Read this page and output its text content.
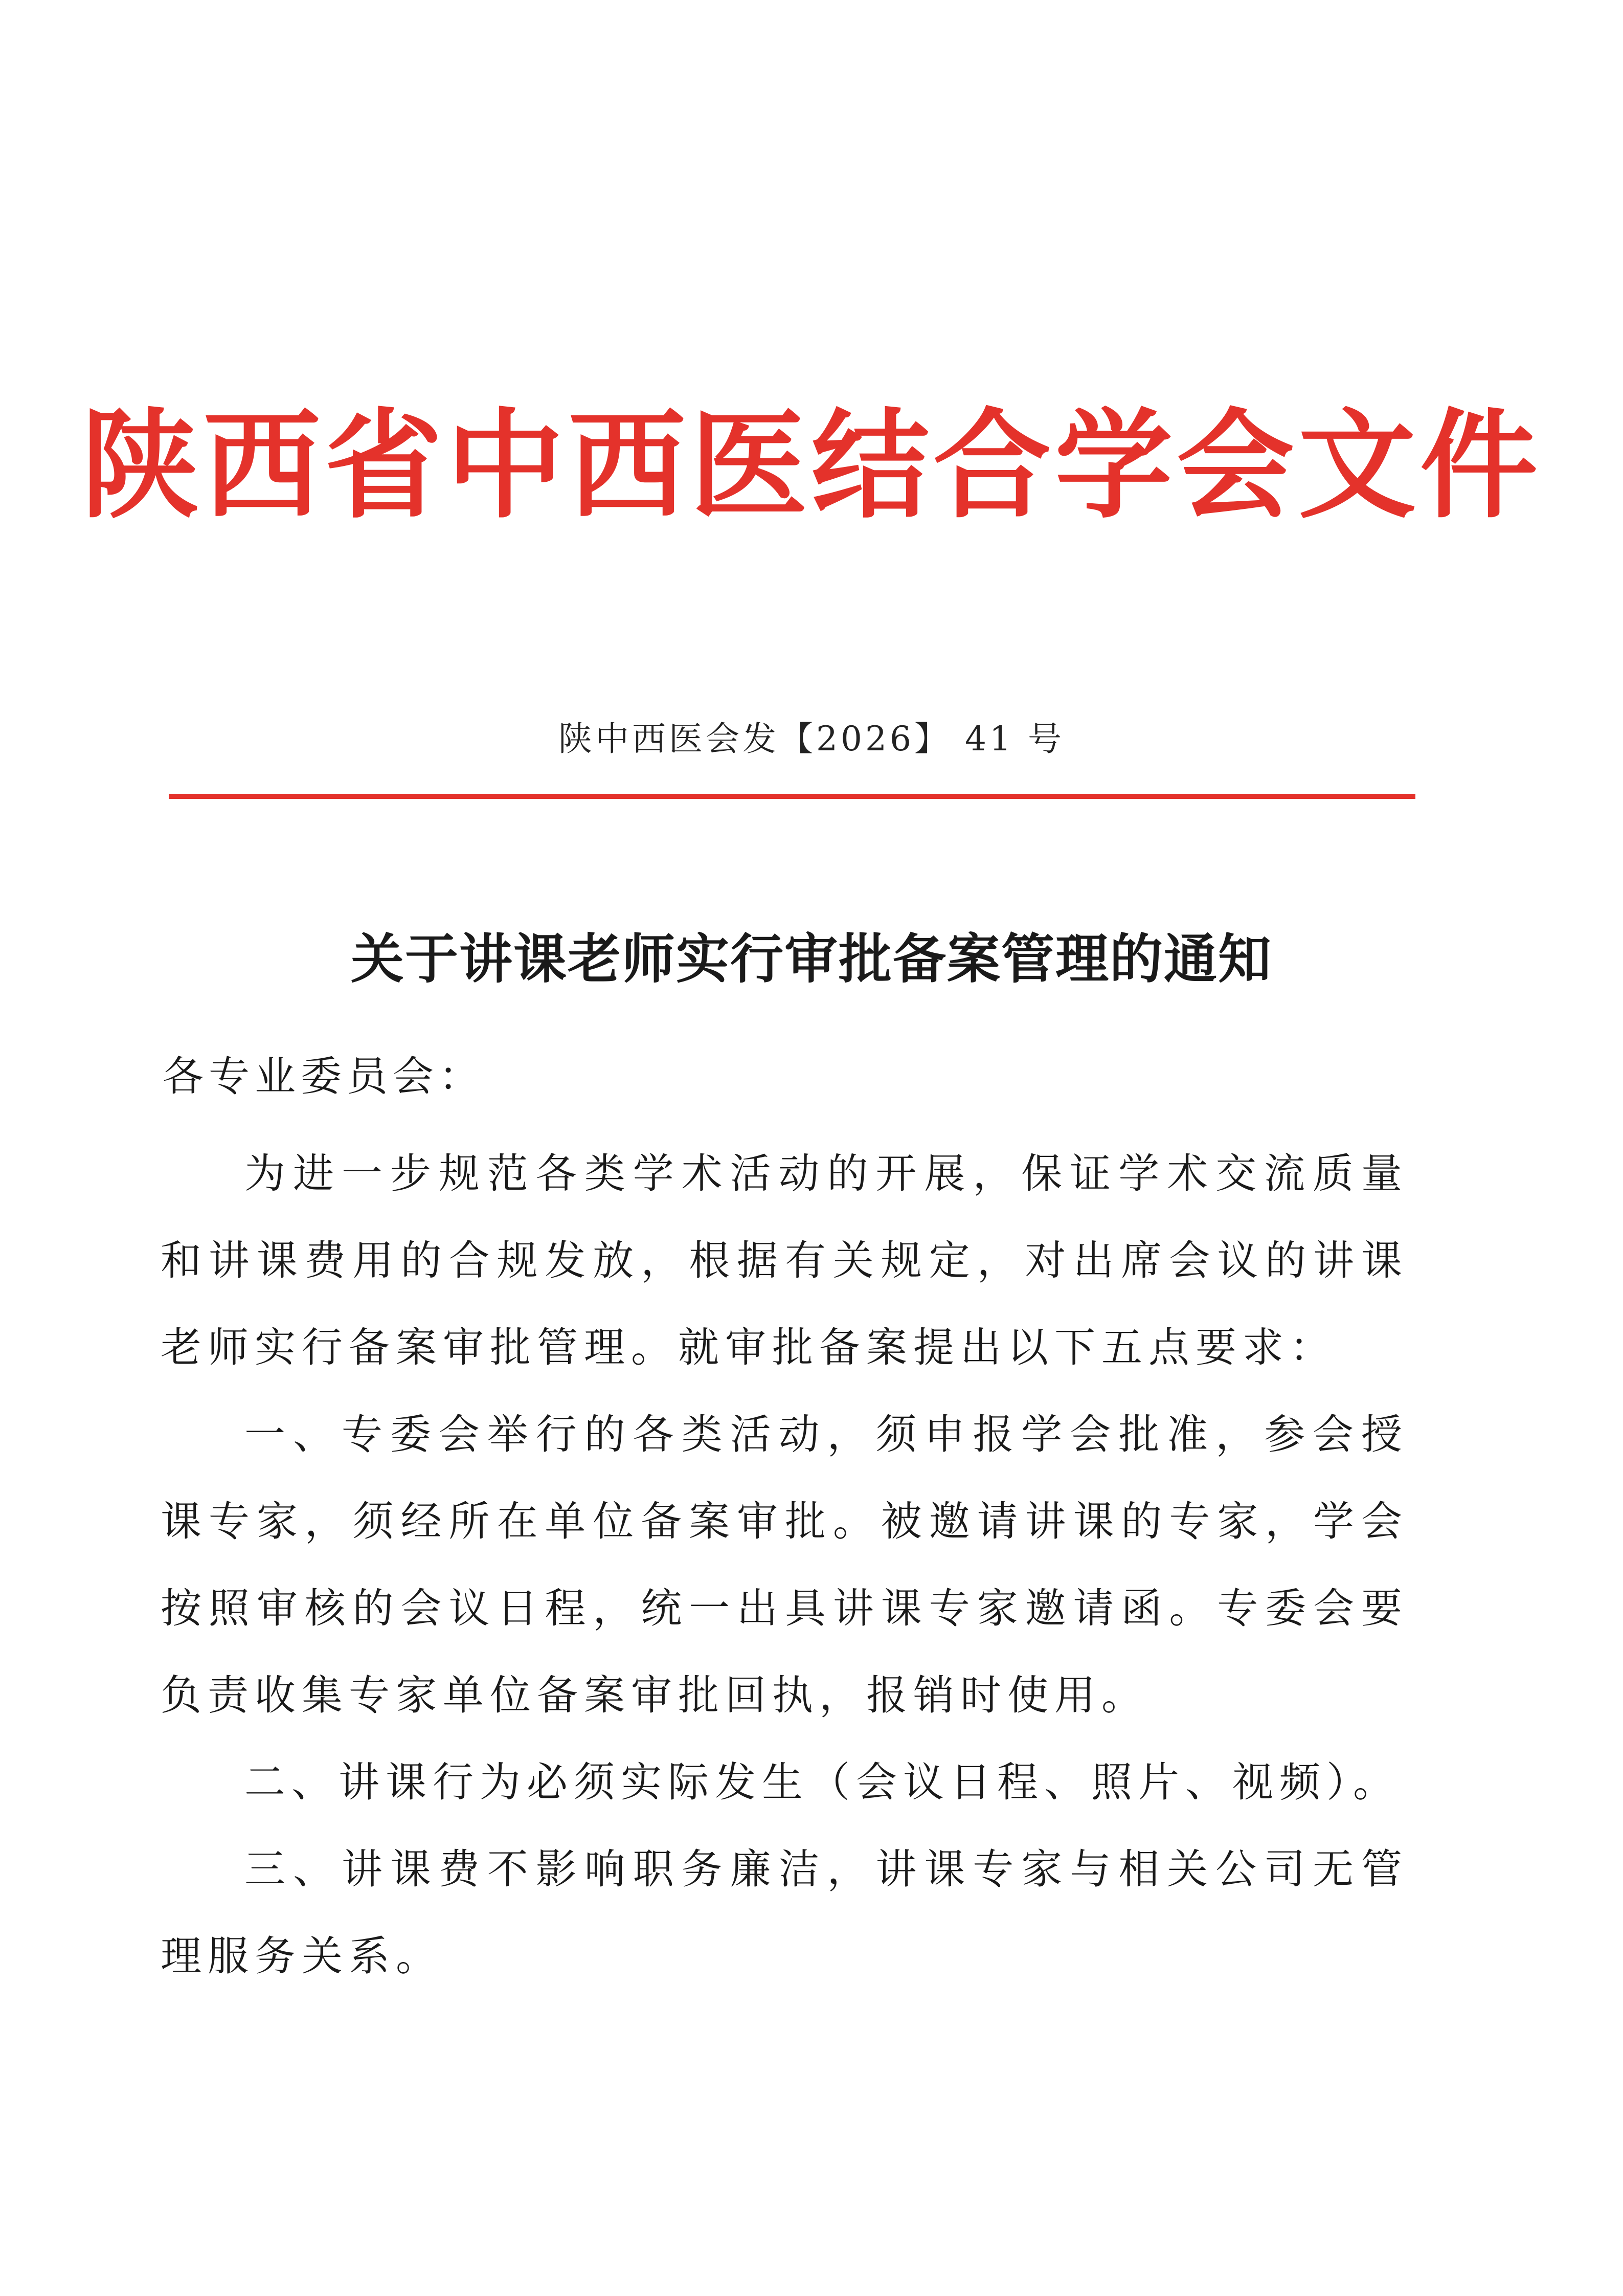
陕西省中西医结合学会文件
陕中西医会发【2026】 41 号
关于讲课老师实行审批备案管理的通知
各专业委员会：

为进一步规范各类学术活动的开展，保证学术交流质量和讲课费用的合规发放，根据有关规定，对出席会议的讲课老师实行备案审批管理。就审批备案提出以下五点要求：

一、专委会举行的各类活动，须申报学会批准，参会授课专家，须经所在单位备案审批。被邀请讲课的专家，学会按照审核的会议日程，统一出具讲课专家邀请函。专委会要负责收集专家单位备案审批回执，报销时使用。

二、讲课行为必须实际发生（会议日程、照片、视频）。

三、讲课费不影响职务廉洁，讲课专家与相关公司无管理服务关系。
